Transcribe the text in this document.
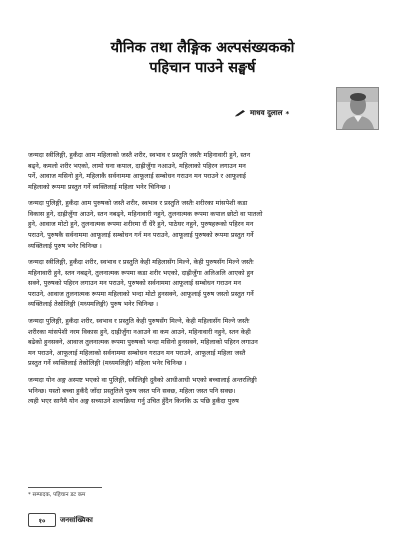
यौनिक तथा लैङ्गिक अल्पसंख्यकको
पहिचान पाउने सङ्घर्ष
माधव दुलाल *
जन्मदा स्त्रीलिङ्गी, हुर्कँदा आम महिलाको जस्तै शरीर, स्वभाव र प्रस्तुति जस्तैः महिनावारी हुने, स्तन
बढ्ने, कमलो शरीर भएको, लामो घना कपाल, दाह्रीजुँगा नआउने, महिलाको पहिरन लगाउन मन
पर्ने, आवाज मसिनो हुने, महिलाकै सर्वनाममा आफूलाई सम्बोधन गराउन मन पराउने र आफूलाई
महिलाको रूपमा प्रस्तुत गर्ने व्यक्तिलाई महिला भनेर चिनिन्छ ।
जन्मदा पुलिङ्गी, हुर्कँदा आम पुरुषको जस्तै शरीर, स्वभाव र प्रस्तुति जस्तैः शरीरका मांसपेशी कडा
विकास हुने, दाह्रीजुँगा आउने, स्तन नबढ्ने, महिनावारी नहुने, तुलनात्मक रूपमा कपाल छोटो वा पातलो
हुने, आवाज मोटो हुने, तुलनात्मक रूपमा शरीरमा रौं धेरै हुने, पाठेघर नहुने, पुरुषहरूको पहिरन मन
पराउने, पुरुषकै सर्वनाममा आफूलाई सम्बोधन गर्न मन पराउने, आफूलाई पुरुषको रूपमा प्रस्तुत गर्ने
व्यक्तिलाई पुरुष भनेर चिनिन्छ ।
जन्मदा स्त्रीलिङ्गी, हुर्कँदा शरीर, स्वभाव र प्रस्तुति केही महिलासँग मिल्ने, केही पुरुषसँग मिल्ने जस्तैः
महिनावारी हुने, स्तन नबढ्ने, तुलनात्मक रूपमा कडा शरीर भएको, दाह्रीजुँगा अलिअलि आएको हुन
सक्ने, पुरुषको पहिरन लगाउन मन पराउने, पुरुषको सर्वनाममा आफूलाई सम्बोधन गराउन मन
पराउने, आवाज तुलनात्मक रूपमा महिलाको भन्दा मोटो हुनसक्ने, आफूलाई पुरुष जस्तो प्रस्तुत गर्ने
व्यक्तिलाई तेस्रोलिङ्गी (मध्यमलिङ्गी) पुरुष भनेर चिनिन्छ ।
जन्मदा पुलिङ्गी, हुर्कँदा शरीर, स्वभाव र प्रस्तुति केही पुरुषसँग मिल्ने, केही महिलासँग मिल्ने जस्तैः
शरीरका मांसपेशी नरम विकास हुने, दाह्रीजुँगा नआउने वा कम आउने, महिनावारी नहुने, स्तन केही
बढेको हुनसक्ने, आवाज तुलनात्मक रूपमा पुरुषको भन्दा मसिनो हुनसक्ने, महिलाको पहिरन लगाउन
मन पराउने, आफूलाई महिलाको सर्वनाममा सम्बोधन गराउन मन पराउने, आफूलाई महिला जस्तै
प्रस्तुत गर्ने व्यक्तिलाई तेस्रोलिङ्गी (मध्यमलिङ्गी) महिला भनेर चिनिन्छ ।
जन्मदा योन अङ्ग अस्पष्ट भएको वा पुलिङ्गी, स्त्रीलिङ्गी दुवैको आधीआधी भएको बच्चालाई अन्तरलिङ्गी
भनिन्छ। यस्तो बच्चा हुर्कँदै जाँदा प्रस्तुतिले पुरुष जस्त पनि सक्छ, महिला जस्त पनि सक्छ।
त्यही भएर सानैमै योन अङ्ग सच्याउने शल्यक्रिया गर्नु उचित हुँदैन किनकि ऊ पछि हुर्कँदा पुरुष
* सम्पादक, पहिचान डट कम
१०	जनसांख्यिका
